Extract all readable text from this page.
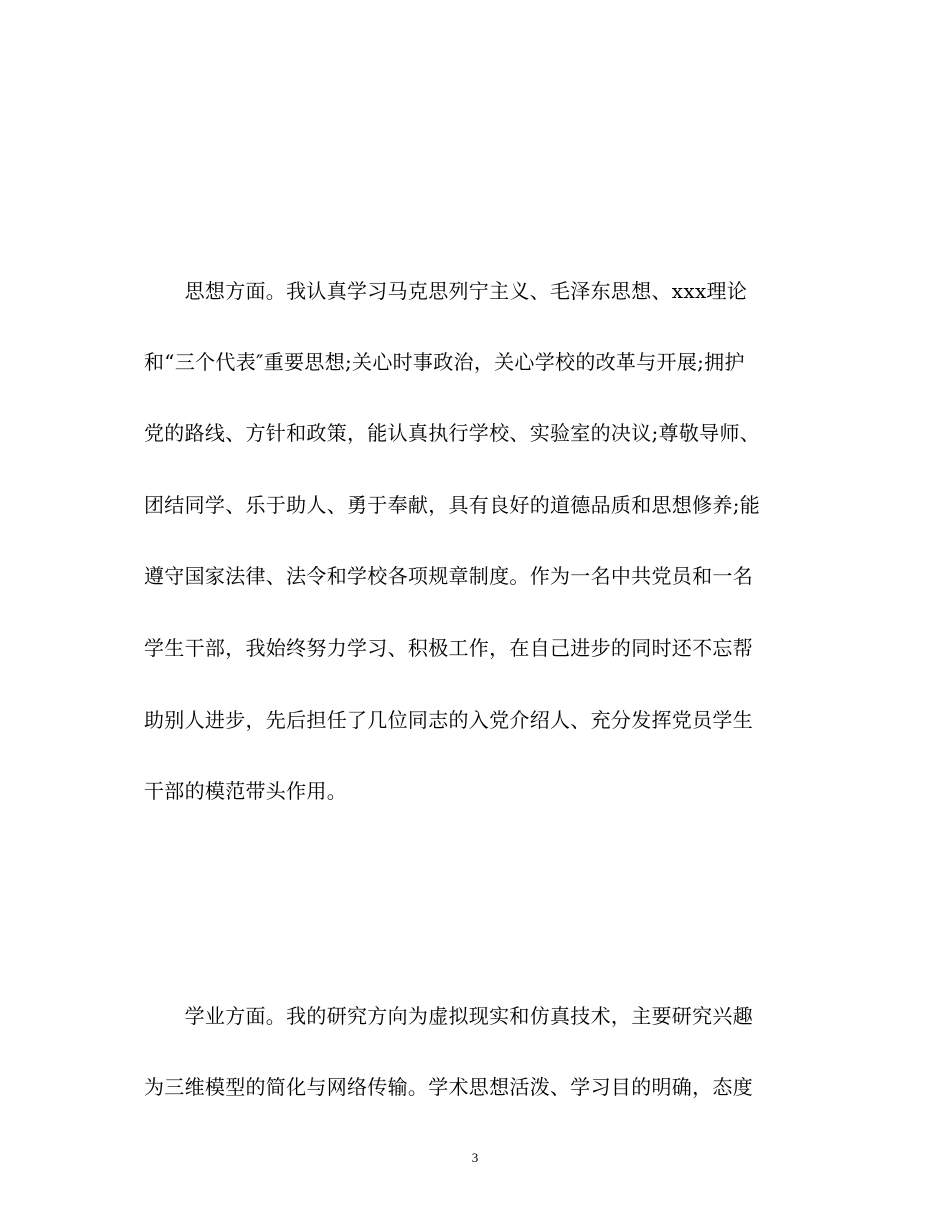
　　思想方面。我认真学习马克思列宁主义、毛泽东思想、xxx理论
和“三个代表″重要思想;关心时事政治，关心学校的改革与开展;拥护
党的路线、方针和政策，能认真执行学校、实验室的决议;尊敬导师、
团结同学、乐于助人、勇于奉献，具有良好的道德品质和思想修养;能
遵守国家法律、法令和学校各项规章制度。作为一名中共党员和一名
学生干部，我始终努力学习、积极工作，在自己进步的同时还不忘帮
助别人进步，先后担任了几位同志的入党介绍人、充分发挥党员学生
干部的模范带头作用。
　　学业方面。我的研究方向为虚拟现实和仿真技术，主要研究兴趣
为三维模型的简化与网络传输。学术思想活泼、学习目的明确，态度
3
